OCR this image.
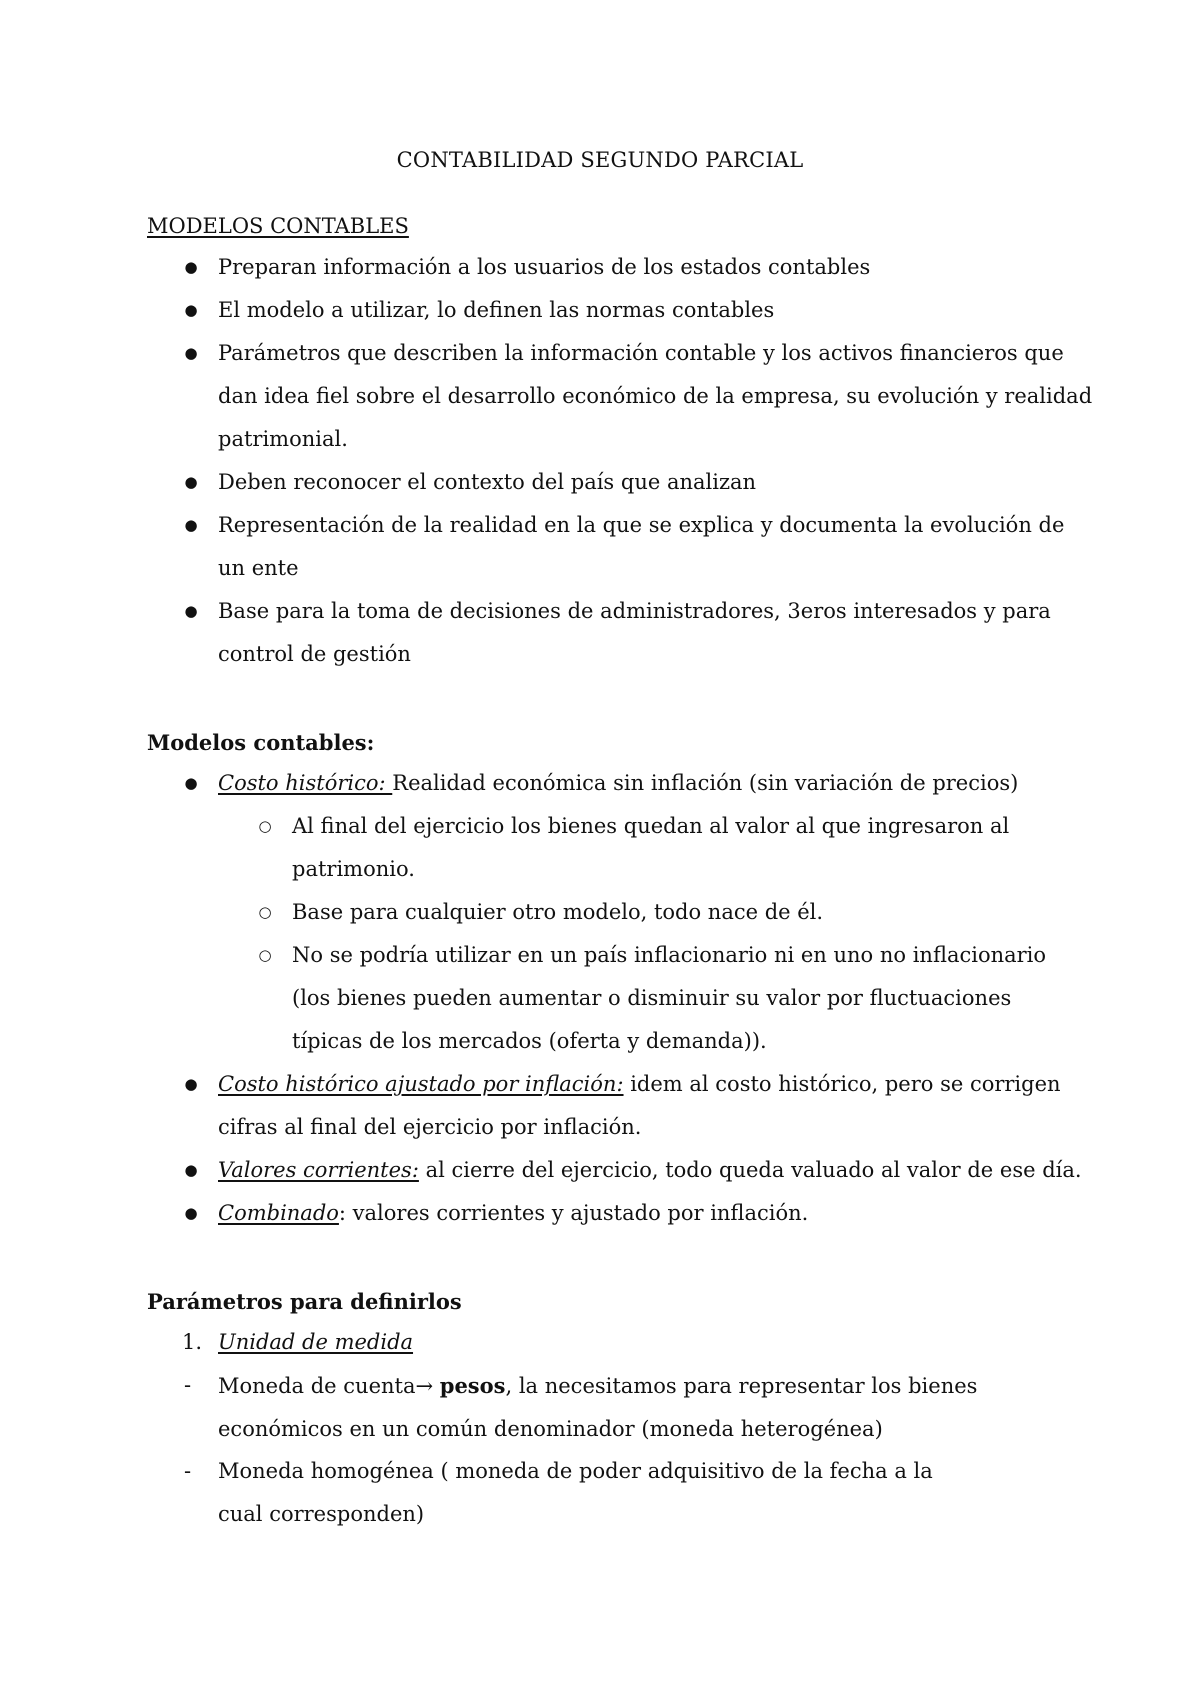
CONTABILIDAD SEGUNDO PARCIAL
MODELOS CONTABLES
● Preparan información a los usuarios de los estados contables
● El modelo a utilizar, lo definen las normas contables
● Parámetros que describen la información contable y los activos financieros que dan idea fiel sobre el desarrollo económico de la empresa, su evolución y realidad patrimonial.
● Deben reconocer el contexto del país que analizan
● Representación de la realidad en la que se explica y documenta la evolución de un ente
● Base para la toma de decisiones de administradores, 3eros interesados y para control de gestión
Modelos contables:
● Costo histórico: Realidad económica sin inflación (sin variación de precios)
○ Al final del ejercicio los bienes quedan al valor al que ingresaron al patrimonio.
○ Base para cualquier otro modelo, todo nace de él.
○ No se podría utilizar en un país inflacionario ni en uno no inflacionario (los bienes pueden aumentar o disminuir su valor por fluctuaciones típicas de los mercados (oferta y demanda)).
● Costo histórico ajustado por inflación: idem al costo histórico, pero se corrigen cifras al final del ejercicio por inflación.
● Valores corrientes: al cierre del ejercicio, todo queda valuado al valor de ese día.
● Combinado: valores corrientes y ajustado por inflación.
Parámetros para definirlos
1. Unidad de medida
-	Moneda de cuenta→ pesos, la necesitamos para representar los bienes económicos en un común denominador (moneda heterogénea)
-	Moneda homogénea ( moneda de poder adquisitivo de la fecha a la cual corresponden)
